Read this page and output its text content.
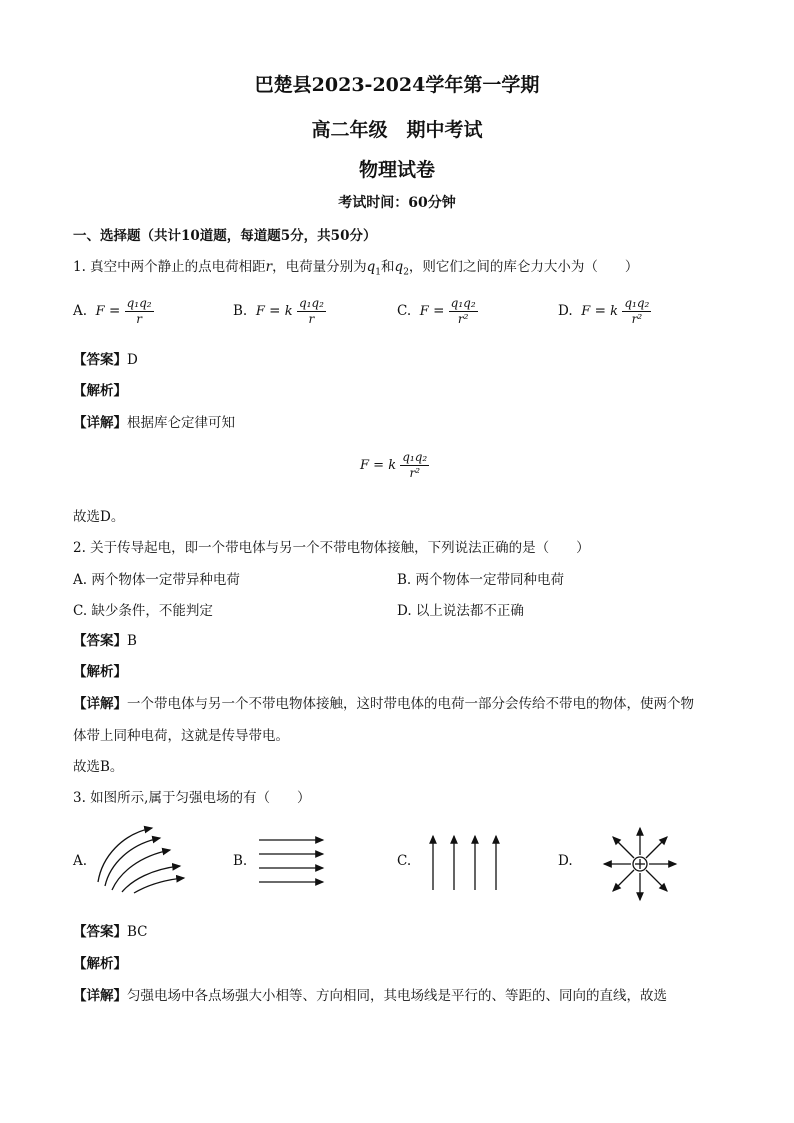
巴楚县2023-2024学年第一学期
高二年级　期中考试
物理试卷
考试时间：60分钟
一、选择题（共计10道题，每道题5分，共50分）
1. 真空中两个静止的点电荷相距r，电荷量分别为$q_1$和$q_2$，则它们之间的库仑力大小为（　　）
A. $F = \frac{\text{q₁q₂}}{r}$	B. F = k $\frac{\text{q₁q₂}}{r}$	C. $F = \frac{\text{q₁q₂}}{\text{r²}}$	D. F = k $\frac{\text{q₁q₂}}{\text{r²}}$
【答案】D
【解析】
【详解】根据库仑定律可知
F = k $\frac{\text{q₁q₂}}{\text{r²}}$
故选D。
2. 关于传导起电，即一个带电体与另一个不带电物体接触，下列说法正确的是（　　）
A. 两个物体一定带异种电荷	B. 两个物体一定带同种电荷
C. 缺少条件，不能判定	D. 以上说法都不正确
【答案】B
【解析】
【详解】一个带电体与另一个不带电物体接触，这时带电体的电荷一部分会传给不带电的物体，使两个物
体带上同种电荷，这就是传导带电。
故选B。
3. 如图所示,属于匀强电场的有（　　）
A.	B.	C.	D.
【答案】BC
【解析】
【详解】匀强电场中各点场强大小相等、方向相同，其电场线是平行的、等距的、同向的直线，故选
